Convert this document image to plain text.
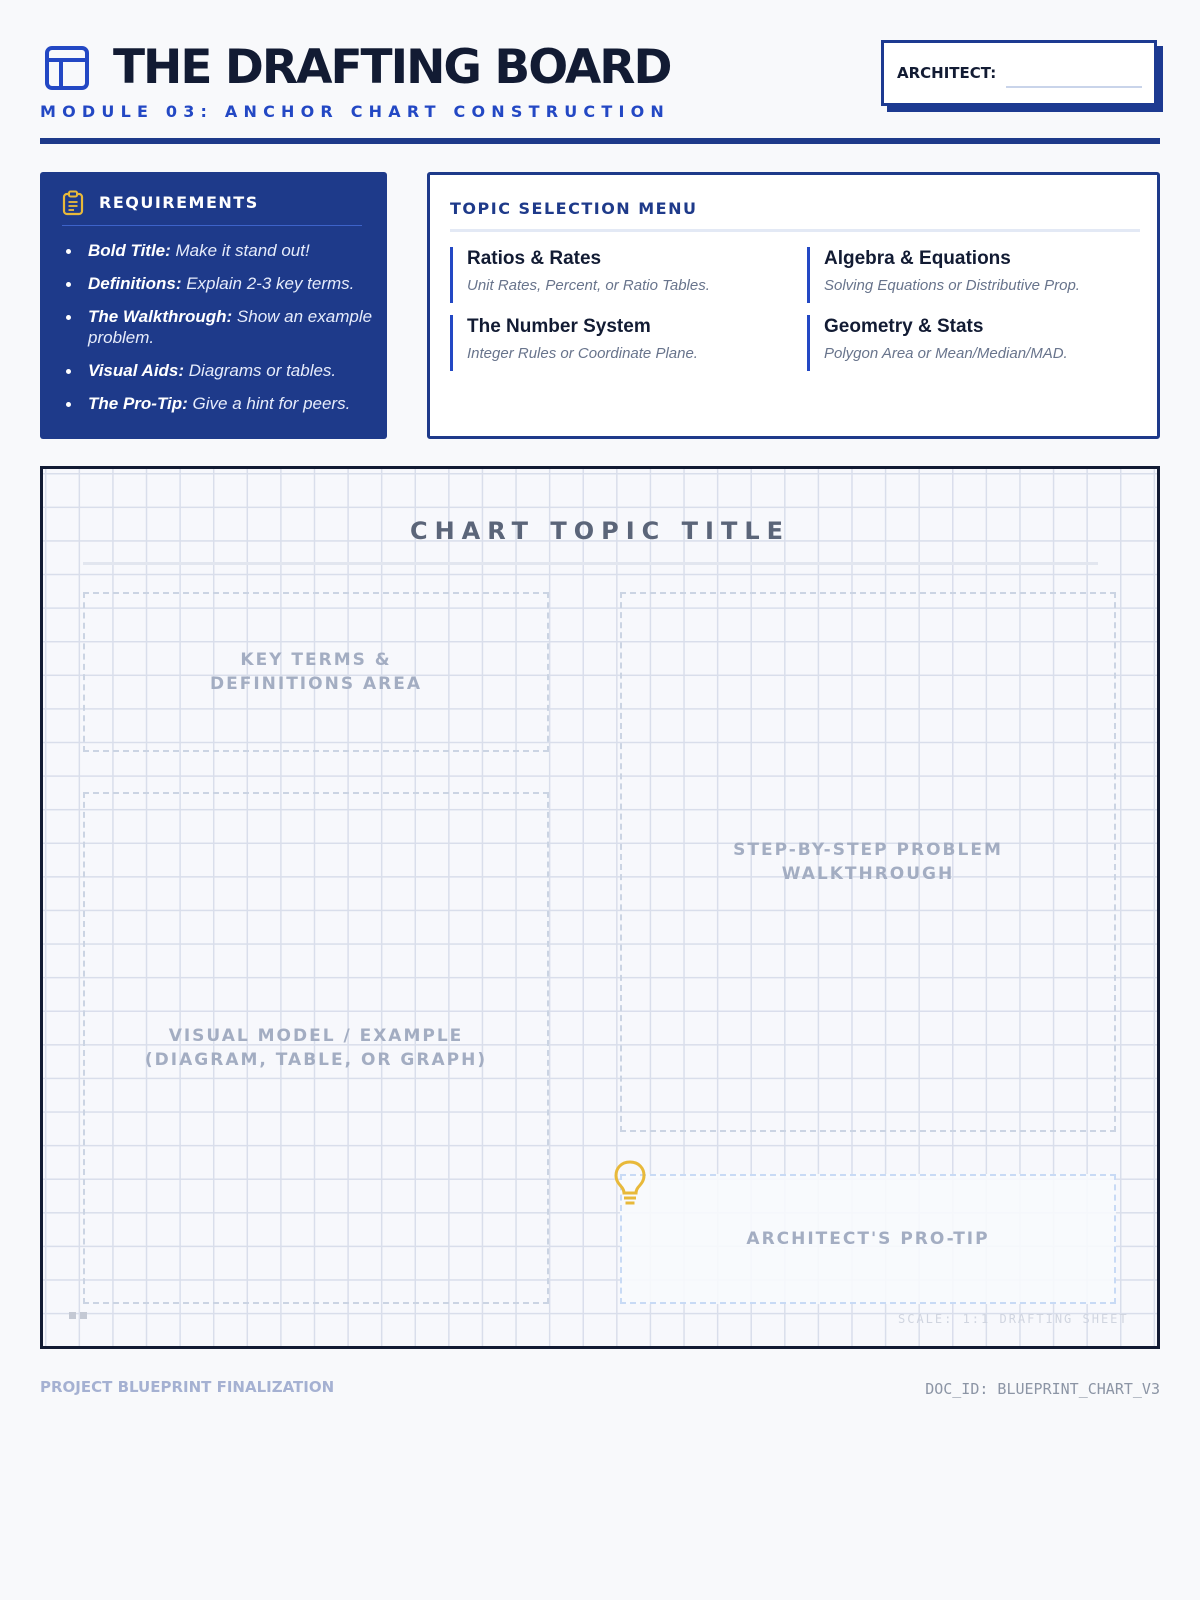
THE DRAFTING BOARD
MODULE 03: ANCHOR CHART CONSTRUCTION
ARCHITECT:
REQUIREMENTS
Bold Title: Make it stand out!
Definitions: Explain 2-3 key terms.
The Walkthrough: Show an example problem.
Visual Aids: Diagrams or tables.
The Pro-Tip: Give a hint for peers.
TOPIC SELECTION MENU
Ratios & Rates
Unit Rates, Percent, or Ratio Tables.
Algebra & Equations
Solving Equations or Distributive Prop.
The Number System
Integer Rules or Coordinate Plane.
Geometry & Stats
Polygon Area or Mean/Median/MAD.
CHART TOPIC TITLE
KEY TERMS &
DEFINITIONS AREA
STEP-BY-STEP PROBLEM
WALKTHROUGH
VISUAL MODEL / EXAMPLE
(DIAGRAM, TABLE, OR GRAPH)
ARCHITECT'S PRO-TIP
SCALE: 1:1 DRAFTING SHEET
PROJECT BLUEPRINT FINALIZATION	DOC_ID: BLUEPRINT_CHART_V3
